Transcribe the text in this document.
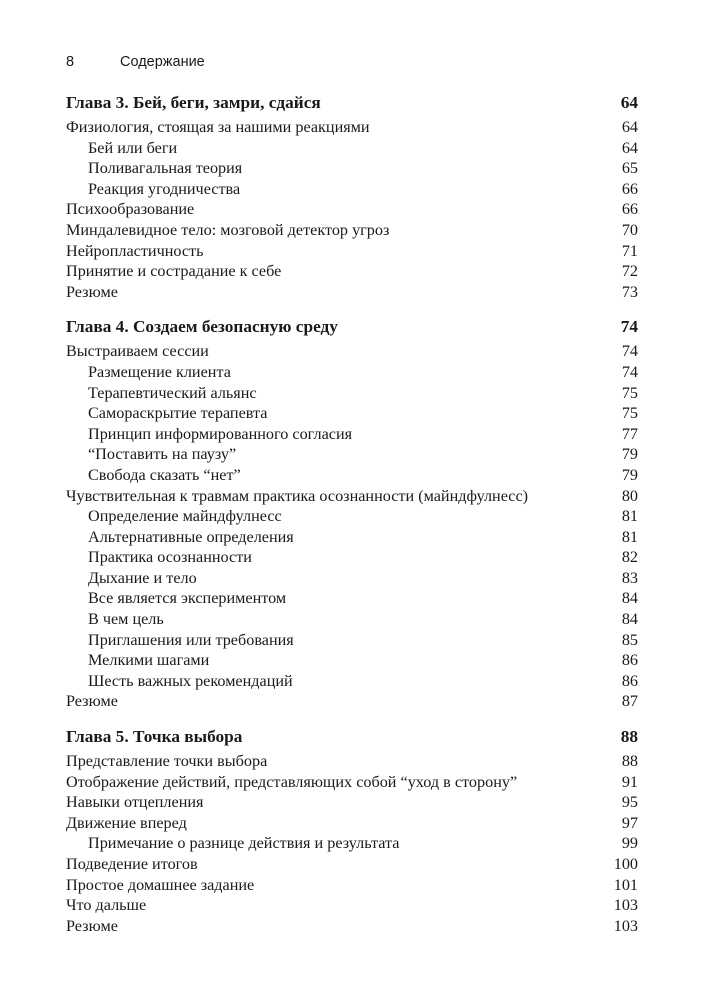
8	Содержание
Глава 3. Бей, беги, замри, сдайся	64
Физиология, стоящая за нашими реакциями	64
Бей или беги	64
Поливагальная теория	65
Реакция угодничества	66
Психообразование	66
Миндалевидное тело: мозговой детектор угроз	70
Нейропластичность	71
Принятие и сострадание к себе	72
Резюме	73
Глава 4. Создаем безопасную среду	74
Выстраиваем сессии	74
Размещение клиента	74
Терапевтический альянс	75
Самораскрытие терапевта	75
Принцип информированного согласия	77
“Поставить на паузу”	79
Свобода сказать “нет”	79
Чувствительная к травмам практика осознанности (майндфулнесс)	80
Определение майндфулнесс	81
Альтернативные определения	81
Практика осознанности	82
Дыхание и тело	83
Все является экспериментом	84
В чем цель	84
Приглашения или требования	85
Мелкими шагами	86
Шесть важных рекомендаций	86
Резюме	87
Глава 5. Точка выбора	88
Представление точки выбора	88
Отображение действий, представляющих собой “уход в сторону”	91
Навыки отцепления	95
Движение вперед	97
Примечание о разнице действия и результата	99
Подведение итогов	100
Простое домашнее задание	101
Что дальше	103
Резюме	103
